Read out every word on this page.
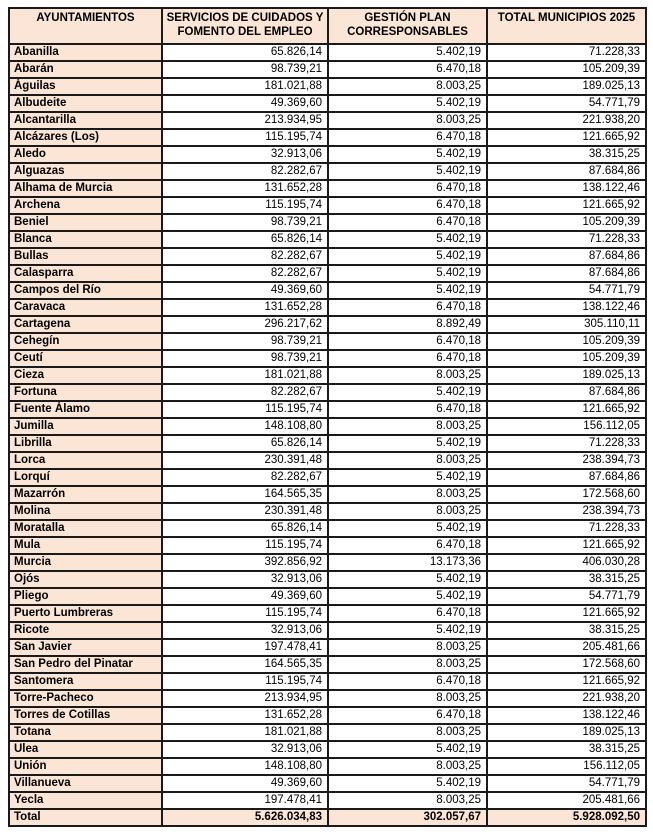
AYUNTAMIENTOS	SERVICIOS DE CUIDADOS Y FOMENTO DEL EMPLEO	GESTIÓN PLAN CORRESPONSABLES	TOTAL MUNICIPIOS 2025
Abanilla	65.826,14	5.402,19	71.228,33
Abarán	98.739,21	6.470,18	105.209,39
Águilas	181.021,88	8.003,25	189.025,13
Albudeite	49.369,60	5.402,19	54.771,79
Alcantarilla	213.934,95	8.003,25	221.938,20
Alcázares (Los)	115.195,74	6.470,18	121.665,92
Aledo	32.913,06	5.402,19	38.315,25
Alguazas	82.282,67	5.402,19	87.684,86
Alhama de Murcia	131.652,28	6.470,18	138.122,46
Archena	115.195,74	6.470,18	121.665,92
Beniel	98.739,21	6.470,18	105.209,39
Blanca	65.826,14	5.402,19	71.228,33
Bullas	82.282,67	5.402,19	87.684,86
Calasparra	82.282,67	5.402,19	87.684,86
Campos del Río	49.369,60	5.402,19	54.771,79
Caravaca	131.652,28	6.470,18	138.122,46
Cartagena	296.217,62	8.892,49	305.110,11
Cehegín	98.739,21	6.470,18	105.209,39
Ceutí	98.739,21	6.470,18	105.209,39
Cieza	181.021,88	8.003,25	189.025,13
Fortuna	82.282,67	5.402,19	87.684,86
Fuente Álamo	115.195,74	6.470,18	121.665,92
Jumilla	148.108,80	8.003,25	156.112,05
Librilla	65.826,14	5.402,19	71.228,33
Lorca	230.391,48	8.003,25	238.394,73
Lorquí	82.282,67	5.402,19	87.684,86
Mazarrón	164.565,35	8.003,25	172.568,60
Molina	230.391,48	8.003,25	238.394,73
Moratalla	65.826,14	5.402,19	71.228,33
Mula	115.195,74	6.470,18	121.665,92
Murcia	392.856,92	13.173,36	406.030,28
Ojós	32.913,06	5.402,19	38.315,25
Pliego	49.369,60	5.402,19	54.771,79
Puerto Lumbreras	115.195,74	6.470,18	121.665,92
Ricote	32.913,06	5.402,19	38.315,25
San Javier	197.478,41	8.003,25	205.481,66
San Pedro del Pinatar	164.565,35	8.003,25	172.568,60
Santomera	115.195,74	6.470,18	121.665,92
Torre-Pacheco	213.934,95	8.003,25	221.938,20
Torres de Cotillas	131.652,28	6.470,18	138.122,46
Totana	181.021,88	8.003,25	189.025,13
Ulea	32.913,06	5.402,19	38.315,25
Unión	148.108,80	8.003,25	156.112,05
Villanueva	49.369,60	5.402,19	54.771,79
Yecla	197.478,41	8.003,25	205.481,66
Total	5.626.034,83	302.057,67	5.928.092,50
